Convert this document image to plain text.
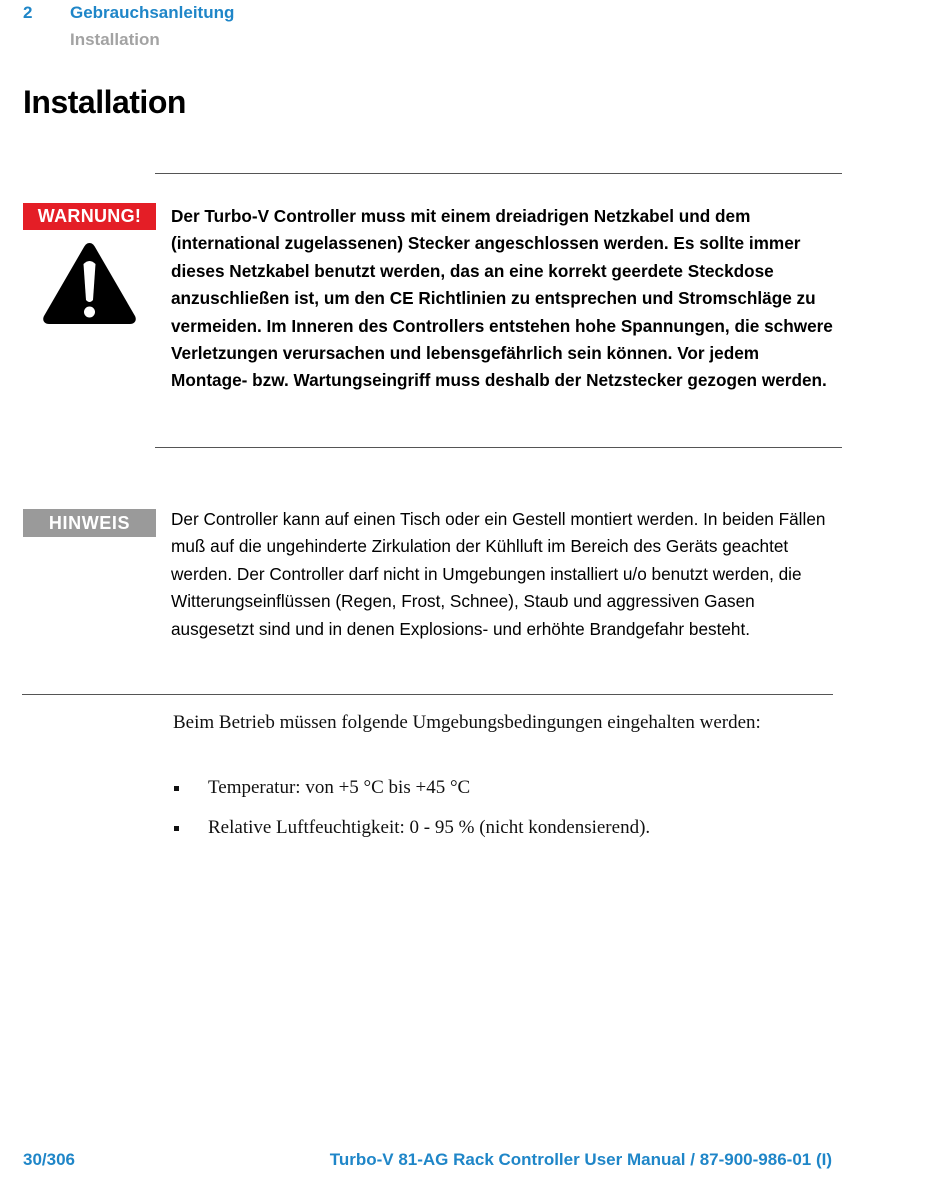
2 Gebrauchsanleitung
Installation
Installation
WARNUNG!	Der Turbo-V Controller muss mit einem dreiadrigen Netzkabel und dem (international zugelassenen) Stecker angeschlossen werden. Es sollte immer dieses Netzkabel benutzt werden, das an eine korrekt geerdete Steckdose anzuschließen ist, um den CE Richtlinien zu entsprechen und Stromschläge zu vermeiden. Im Inneren des Controllers entstehen hohe Spannungen, die schwere Verletzungen verursachen und lebensgefährlich sein können. Vor jedem Montage- bzw. Wartungseingriff muss deshalb der Netzstecker gezogen werden.
HINWEIS	Der Controller kann auf einen Tisch oder ein Gestell montiert werden. In beiden Fällen muß auf die ungehinderte Zirkulation der Kühlluft im Bereich des Geräts geachtet werden. Der Controller darf nicht in Umgebungen installiert u/o benutzt werden, die Witterungseinflüssen (Regen, Frost, Schnee), Staub und aggressiven Gasen ausgesetzt sind und in denen Explosions- und erhöhte Brandgefahr besteht.
Beim Betrieb müssen folgende Umgebungsbedingungen eingehalten werden:
Temperatur: von +5 °C bis +45 °C
Relative Luftfeuchtigkeit: 0 - 95 % (nicht kondensierend).
30/306	Turbo-V 81-AG Rack Controller User Manual / 87-900-986-01 (I)
